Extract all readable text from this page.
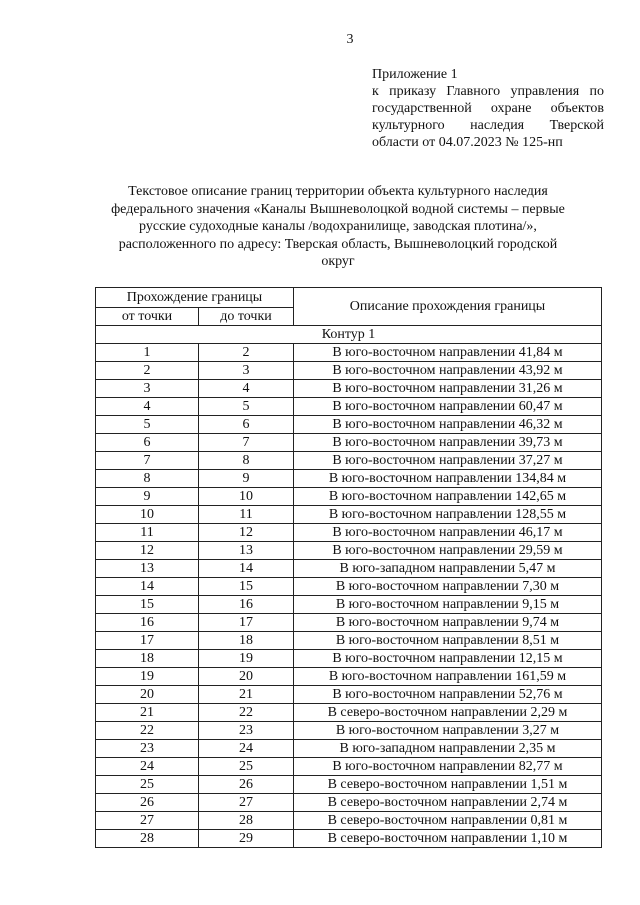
3
Приложение 1
к приказу Главного управления по
государственной охране объектов
культурного наследия Тверской
области от 04.07.2023 № 125-нп
Текстовое описание границ территории объекта культурного наследия
федерального значения «Каналы Вышневолоцкой водной системы – первые
русские судоходные каналы /водохранилище, заводская плотина/»,
расположенного по адресу: Тверская область, Вышневолоцкий городской
округ
Прохождение границы		Описание прохождения границы
от точки	до точки	
Контур 1		
1	2	В юго-восточном направлении 41,84 м
2	3	В юго-восточном направлении 43,92 м
3	4	В юго-восточном направлении 31,26 м
4	5	В юго-восточном направлении 60,47 м
5	6	В юго-восточном направлении 46,32 м
6	7	В юго-восточном направлении 39,73 м
7	8	В юго-восточном направлении 37,27 м
8	9	В юго-восточном направлении 134,84 м
9	10	В юго-восточном направлении 142,65 м
10	11	В юго-восточном направлении 128,55 м
11	12	В юго-восточном направлении 46,17 м
12	13	В юго-восточном направлении 29,59 м
13	14	В юго-западном направлении 5,47 м
14	15	В юго-восточном направлении 7,30 м
15	16	В юго-восточном направлении 9,15 м
16	17	В юго-восточном направлении 9,74 м
17	18	В юго-восточном направлении 8,51 м
18	19	В юго-восточном направлении 12,15 м
19	20	В юго-восточном направлении 161,59 м
20	21	В юго-восточном направлении 52,76 м
21	22	В северо-восточном направлении 2,29 м
22	23	В юго-восточном направлении 3,27 м
23	24	В юго-западном направлении 2,35 м
24	25	В юго-восточном направлении 82,77 м
25	26	В северо-восточном направлении 1,51 м
26	27	В северо-восточном направлении 2,74 м
27	28	В северо-восточном направлении 0,81 м
28	29	В северо-восточном направлении 1,10 м
